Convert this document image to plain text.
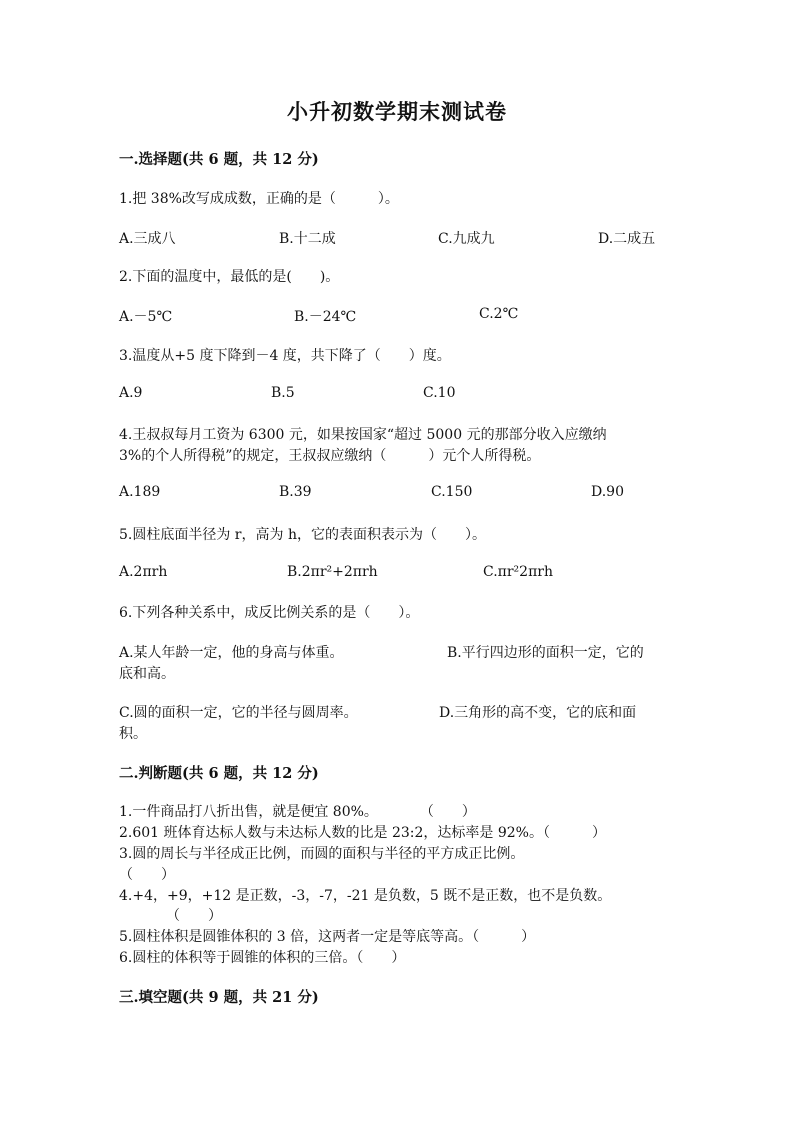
小升初数学期末测试卷
一.选择题(共 6 题，共 12 分)
1.把 38%改写成成数，正确的是（　　　）。
A.三成八	B.十二成	C.九成九	D.二成五
2.下面的温度中，最低的是(　　)。
A.－5℃	B.－24℃	C.2℃
3.温度从+5 度下降到－4 度，共下降了（　　）度。
A.9	B.5	C.10
4.王叔叔每月工资为 6300 元，如果按国家“超过 5000 元的那部分收入应缴纳
3%的个人所得税”的规定，王叔叔应缴纳（　　　）元个人所得税。
A.189	B.39	C.150	D.90
5.圆柱底面半径为 r，高为 h，它的表面积表示为（　　）。
A.2πrh	B.2πr²+2πrh	C.πr²2πrh
6.下列各种关系中，成反比例关系的是（　　）。
A.某人年龄一定，他的身高与体重。	B.平行四边形的面积一定，它的
底和高。
C.圆的面积一定，它的半径与圆周率。	D.三角形的高不变，它的底和面
积。
二.判断题(共 6 题，共 12 分)
1.一件商品打八折出售，就是便宜 80%。　　　　（　　）
2.601 班体育达标人数与未达标人数的比是 23:2，达标率是 92%。（　　　）
3.圆的周长与半径成正比例，而圆的面积与半径的平方成正比例。
（　　）
4.+4，+9，+12 是正数，-3，-7，-21 是负数，5 既不是正数，也不是负数。
（　　）
5.圆柱体积是圆锥体积的 3 倍，这两者一定是等底等高。（　　　）
6.圆柱的体积等于圆锥的体积的三倍。（　　）
三.填空题(共 9 题，共 21 分)
